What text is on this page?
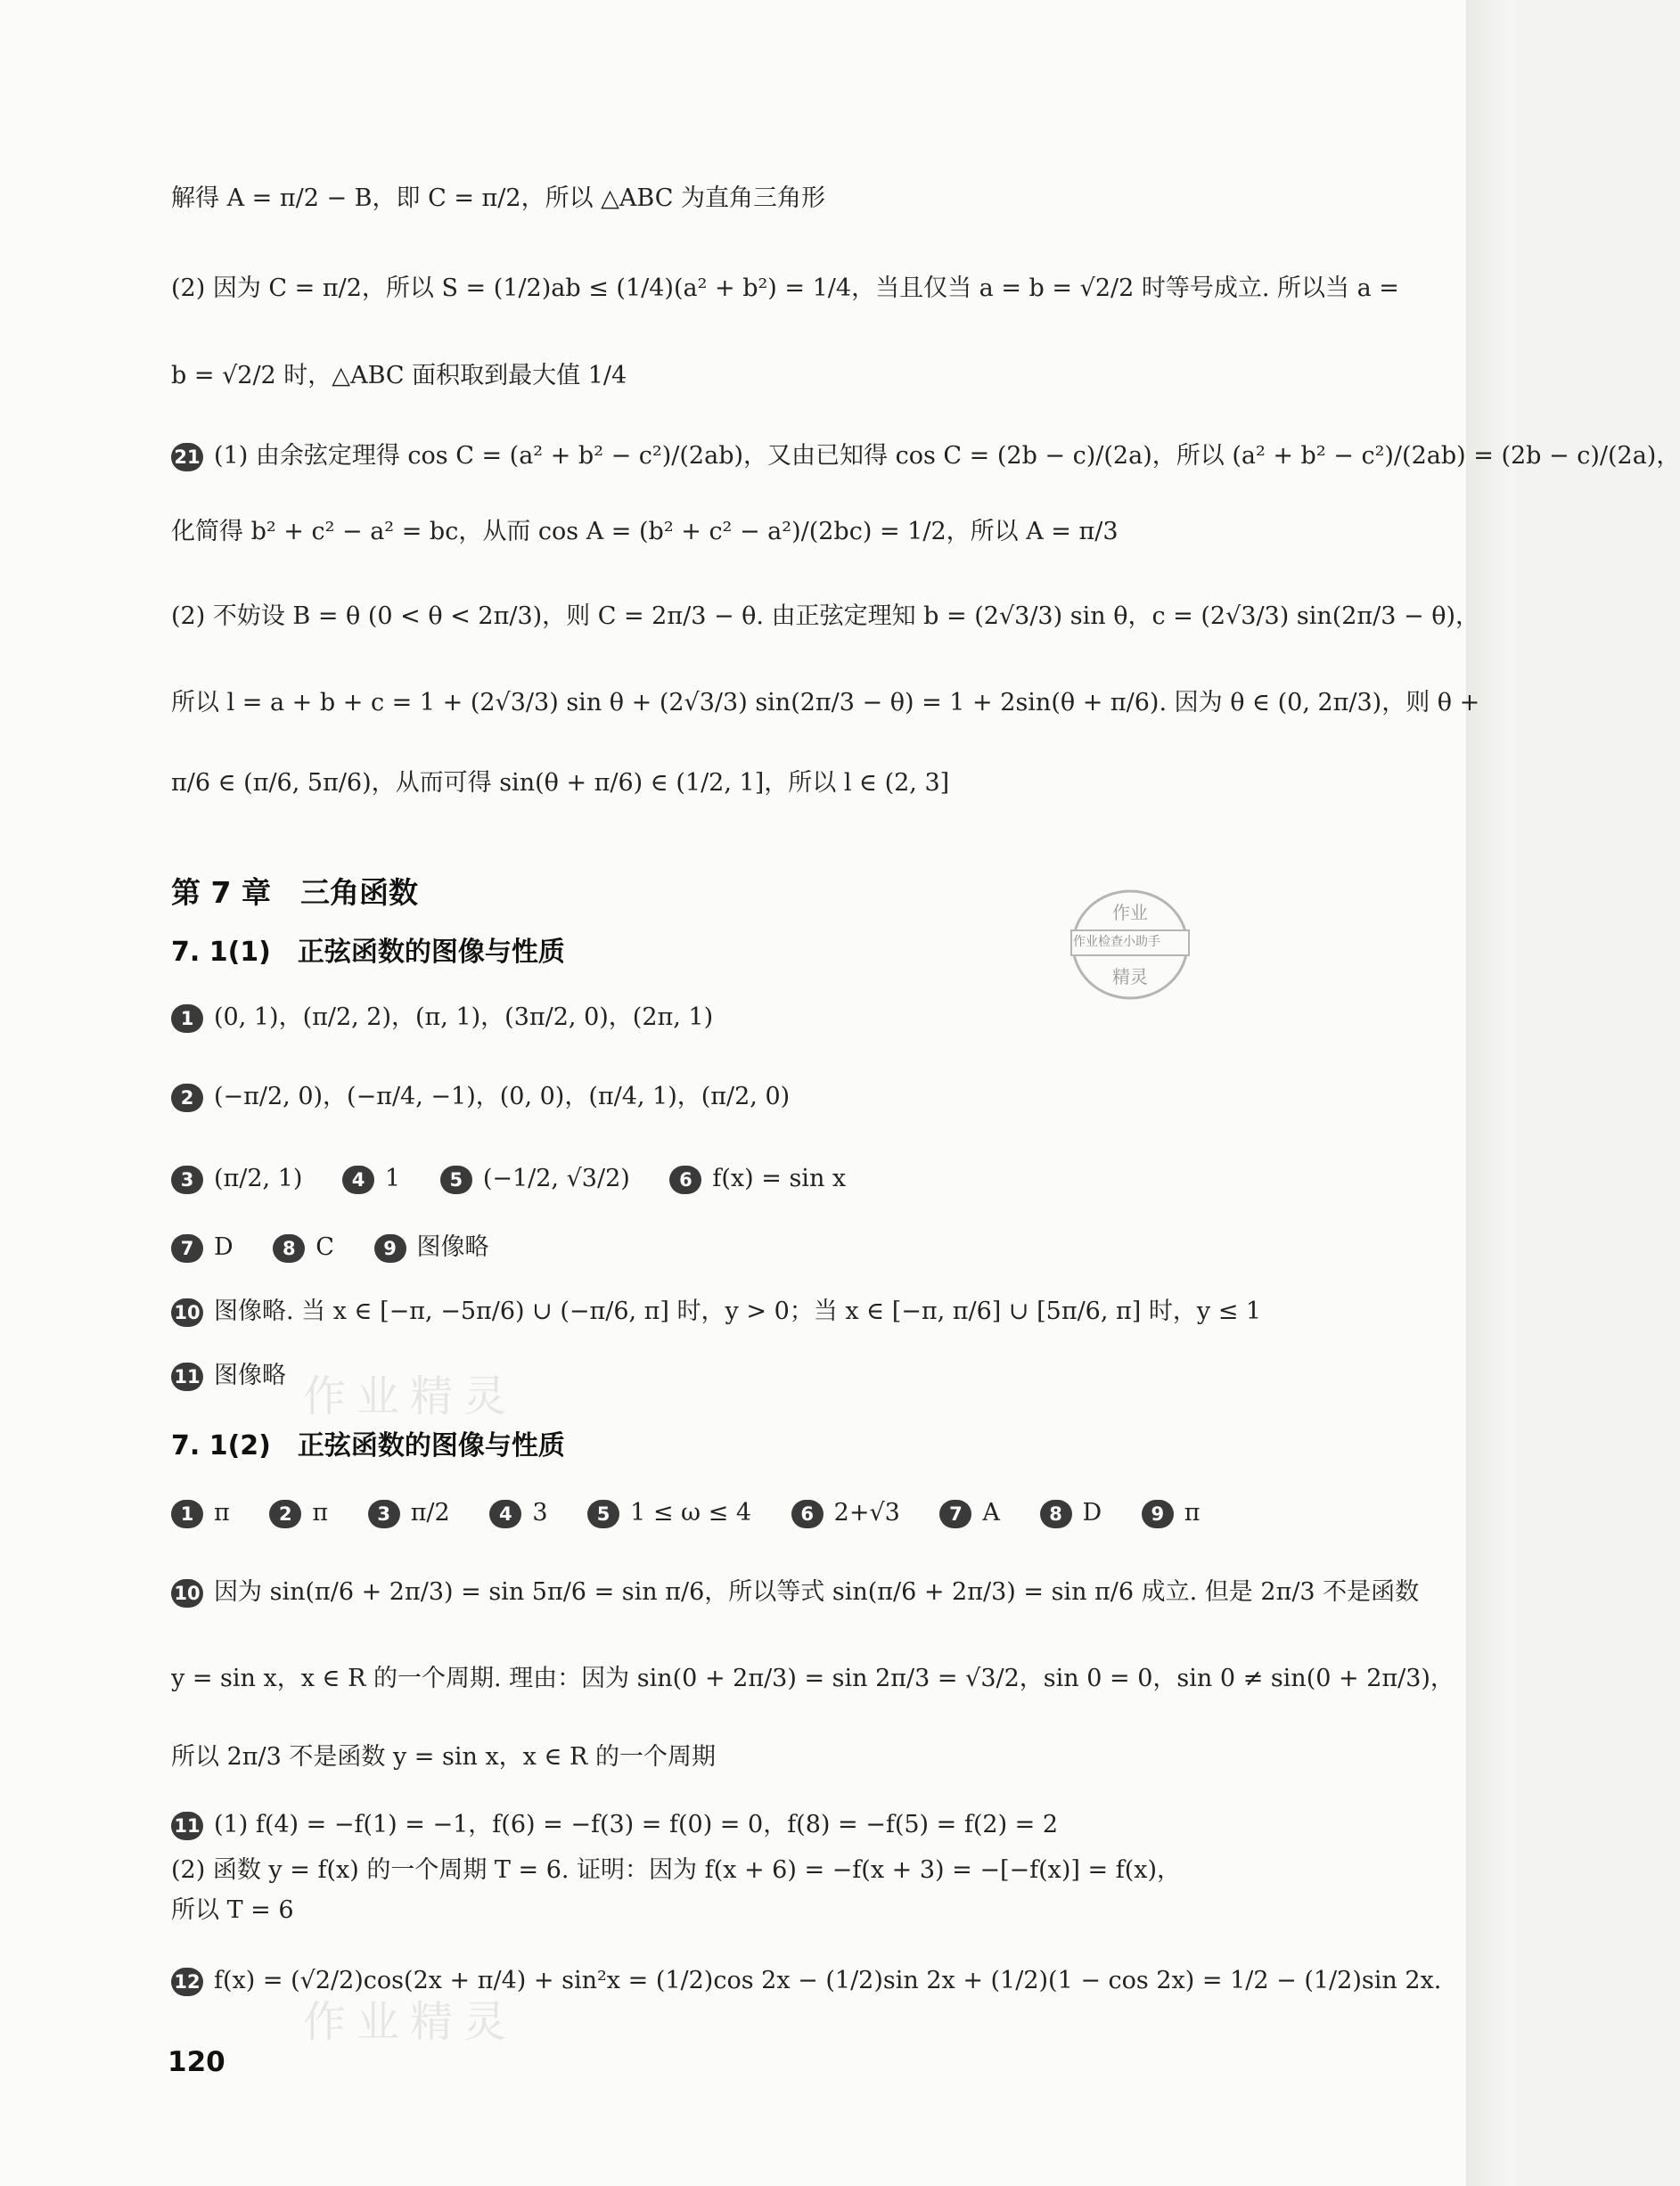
解得 A = π/2 − B，即 C = π/2，所以 △ABC 为直角三角形
(2) 因为 C = π/2，所以 S = (1/2)ab ≤ (1/4)(a² + b²) = 1/4，当且仅当 a = b = √2/2 时等号成立. 所以当 a =
b = √2/2 时，△ABC 面积取到最大值 1/4
21 (1) 由余弦定理得 cos C = (a² + b² − c²)/(2ab)，又由已知得 cos C = (2b − c)/(2a)，所以 (a² + b² − c²)/(2ab) = (2b − c)/(2a)，
化简得 b² + c² − a² = bc，从而 cos A = (b² + c² − a²)/(2bc) = 1/2，所以 A = π/3
(2) 不妨设 B = θ (0 < θ < 2π/3)，则 C = 2π/3 − θ. 由正弦定理知 b = (2√3/3) sin θ，c = (2√3/3) sin(2π/3 − θ)，
所以 l = a + b + c = 1 + (2√3/3) sin θ + (2√3/3) sin(2π/3 − θ) = 1 + 2sin(θ + π/6). 因为 θ ∈ (0, 2π/3)，则 θ +
π/6 ∈ (π/6, 5π/6)，从而可得 sin(θ + π/6) ∈ (1/2, 1]，所以 l ∈ (2, 3]
第 7 章　三角函数
7. 1(1)　正弦函数的图像与性质
作业
作业检查小助手
精灵
1 (0, 1)，(π/2, 2)，(π, 1)，(3π/2, 0)，(2π, 1)
2 (−π/2, 0)，(−π/4, −1)，(0, 0)，(π/4, 1)，(π/2, 0)
3 (π/2, 1)	4 1	5 (−1/2, √3/2)	6 f(x) = sin x
7 D	8 C	9 图像略
10 图像略. 当 x ∈ [−π, −5π/6) ∪ (−π/6, π] 时，y > 0；当 x ∈ [−π, π/6] ∪ [5π/6, π] 时，y ≤ 1
11 图像略
7. 1(2)　正弦函数的图像与性质
1 π	2 π	3 π/2	4 3	5 1 ≤ ω ≤ 4	6 2+√3	7 A	8 D	9 π
10 因为 sin(π/6 + 2π/3) = sin 5π/6 = sin π/6，所以等式 sin(π/6 + 2π/3) = sin π/6 成立. 但是 2π/3 不是函数
y = sin x，x ∈ R 的一个周期. 理由：因为 sin(0 + 2π/3) = sin 2π/3 = √3/2，sin 0 = 0，sin 0 ≠ sin(0 + 2π/3)，
所以 2π/3 不是函数 y = sin x，x ∈ R 的一个周期
11 (1) f(4) = −f(1) = −1，f(6) = −f(3) = f(0) = 0，f(8) = −f(5) = f(2) = 2
(2) 函数 y = f(x) 的一个周期 T = 6. 证明：因为 f(x + 6) = −f(x + 3) = −[−f(x)] = f(x)，
所以 T = 6
12 f(x) = (√2/2)cos(2x + π/4) + sin²x = (1/2)cos 2x − (1/2)sin 2x + (1/2)(1 − cos 2x) = 1/2 − (1/2)sin 2x.
作业精灵
作业精灵
120
